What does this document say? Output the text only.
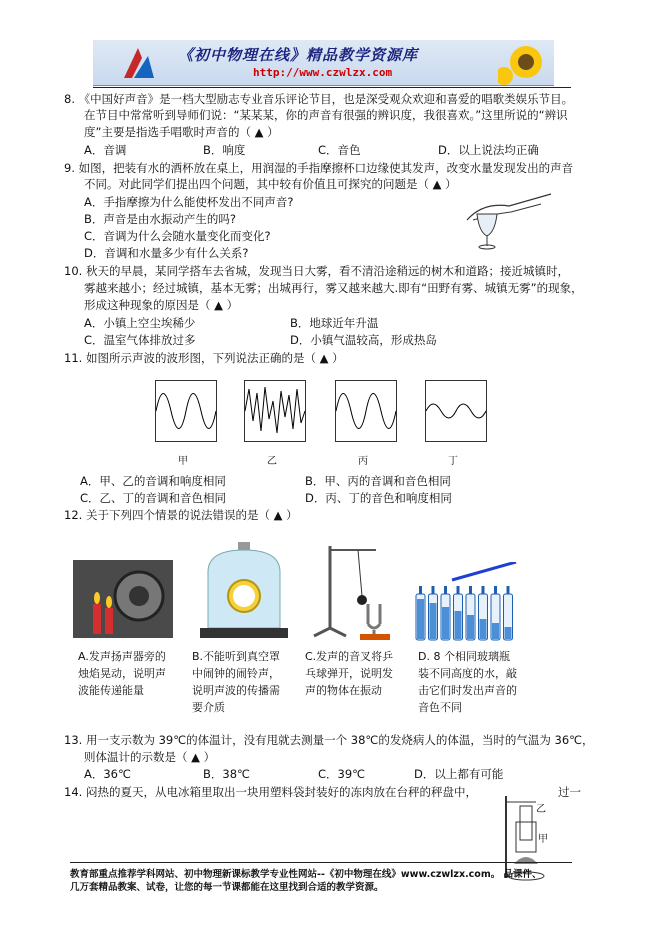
《初中物理在线》精品教学资源库
http://www.czwlzx.com
8. 《中国好声音》是一档大型励志专业音乐评论节目，也是深受观众欢迎和喜爱的唱歌类娱乐节目。
在节目中常常听到导师们说：“某某某，你的声音有很强的辨识度，我很喜欢。”这里所说的“辨识
度”主要是指选手唱歌时声音的（ ▲ ）
A．音调	B．响度	C．音色	D．以上说法均正确
9. 如图，把装有水的酒杯放在桌上，用润湿的手指摩擦杯口边缘使其发声，改变水量发现发出的声音
不同。对此同学们提出四个问题，其中较有价值且可探究的问题是（ ▲ ）
A．手指摩擦为什么能使杯发出不同声音?
B．声音是由水振动产生的吗?
C．音调为什么会随水量变化而变化?
D．音调和水量多少有什么关系?
10. 秋天的早晨，某同学搭车去省城，发现当日大雾，看不清沿途稍远的树木和道路；接近城镇时，
雾越来越小；经过城镇，基本无雾；出城再行，雾又越来越大.即有“田野有雾、城镇无雾”的现象，
形成这种现象的原因是（ ▲ ）
A．小镇上空尘埃稀少	B．地球近年升温
C．温室气体排放过多	D．小镇气温较高，形成热岛
11. 如图所示声波的波形图，下列说法正确的是（ ▲ ）
甲	乙	丙	丁
A．甲、乙的音调和响度相同	B．甲、丙的音调和音色相同
C．乙、丁的音调和音色相同	D．丙、丁的音色和响度相同
12. 关于下列四个情景的说法错误的是（ ▲ ）
A.发声扬声器旁的烛焰晃动，说明声波能传递能量
B.不能听到真空罩中闹钟的闹铃声，说明声波的传播需要介质
C.发声的音叉将乒乓球弹开，说明发声的物体在振动
D. 8 个相同玻璃瓶装不同高度的水，敲击它们时发出声音的音色不同
13. 用一支示数为 39℃的体温计，没有甩就去测量一个 38℃的发烧病人的体温，当时的气温为 36℃，
则体温计的示数是（ ▲ ）
A．36℃	B．38℃	C．39℃	D．以上都有可能
14. 闷热的夏天，从电冰箱里取出一块用塑料袋封装好的冻肉放在台秤的秤盘中，	过一
乙
甲
教育部重点推荐学科网站、初中物理新课标教学专业性网站--《初中物理在线》www.czwlzx.com。 品课件、
几万套精品教案、试卷，让您的每一节课都能在这里找到合适的教学资源。
